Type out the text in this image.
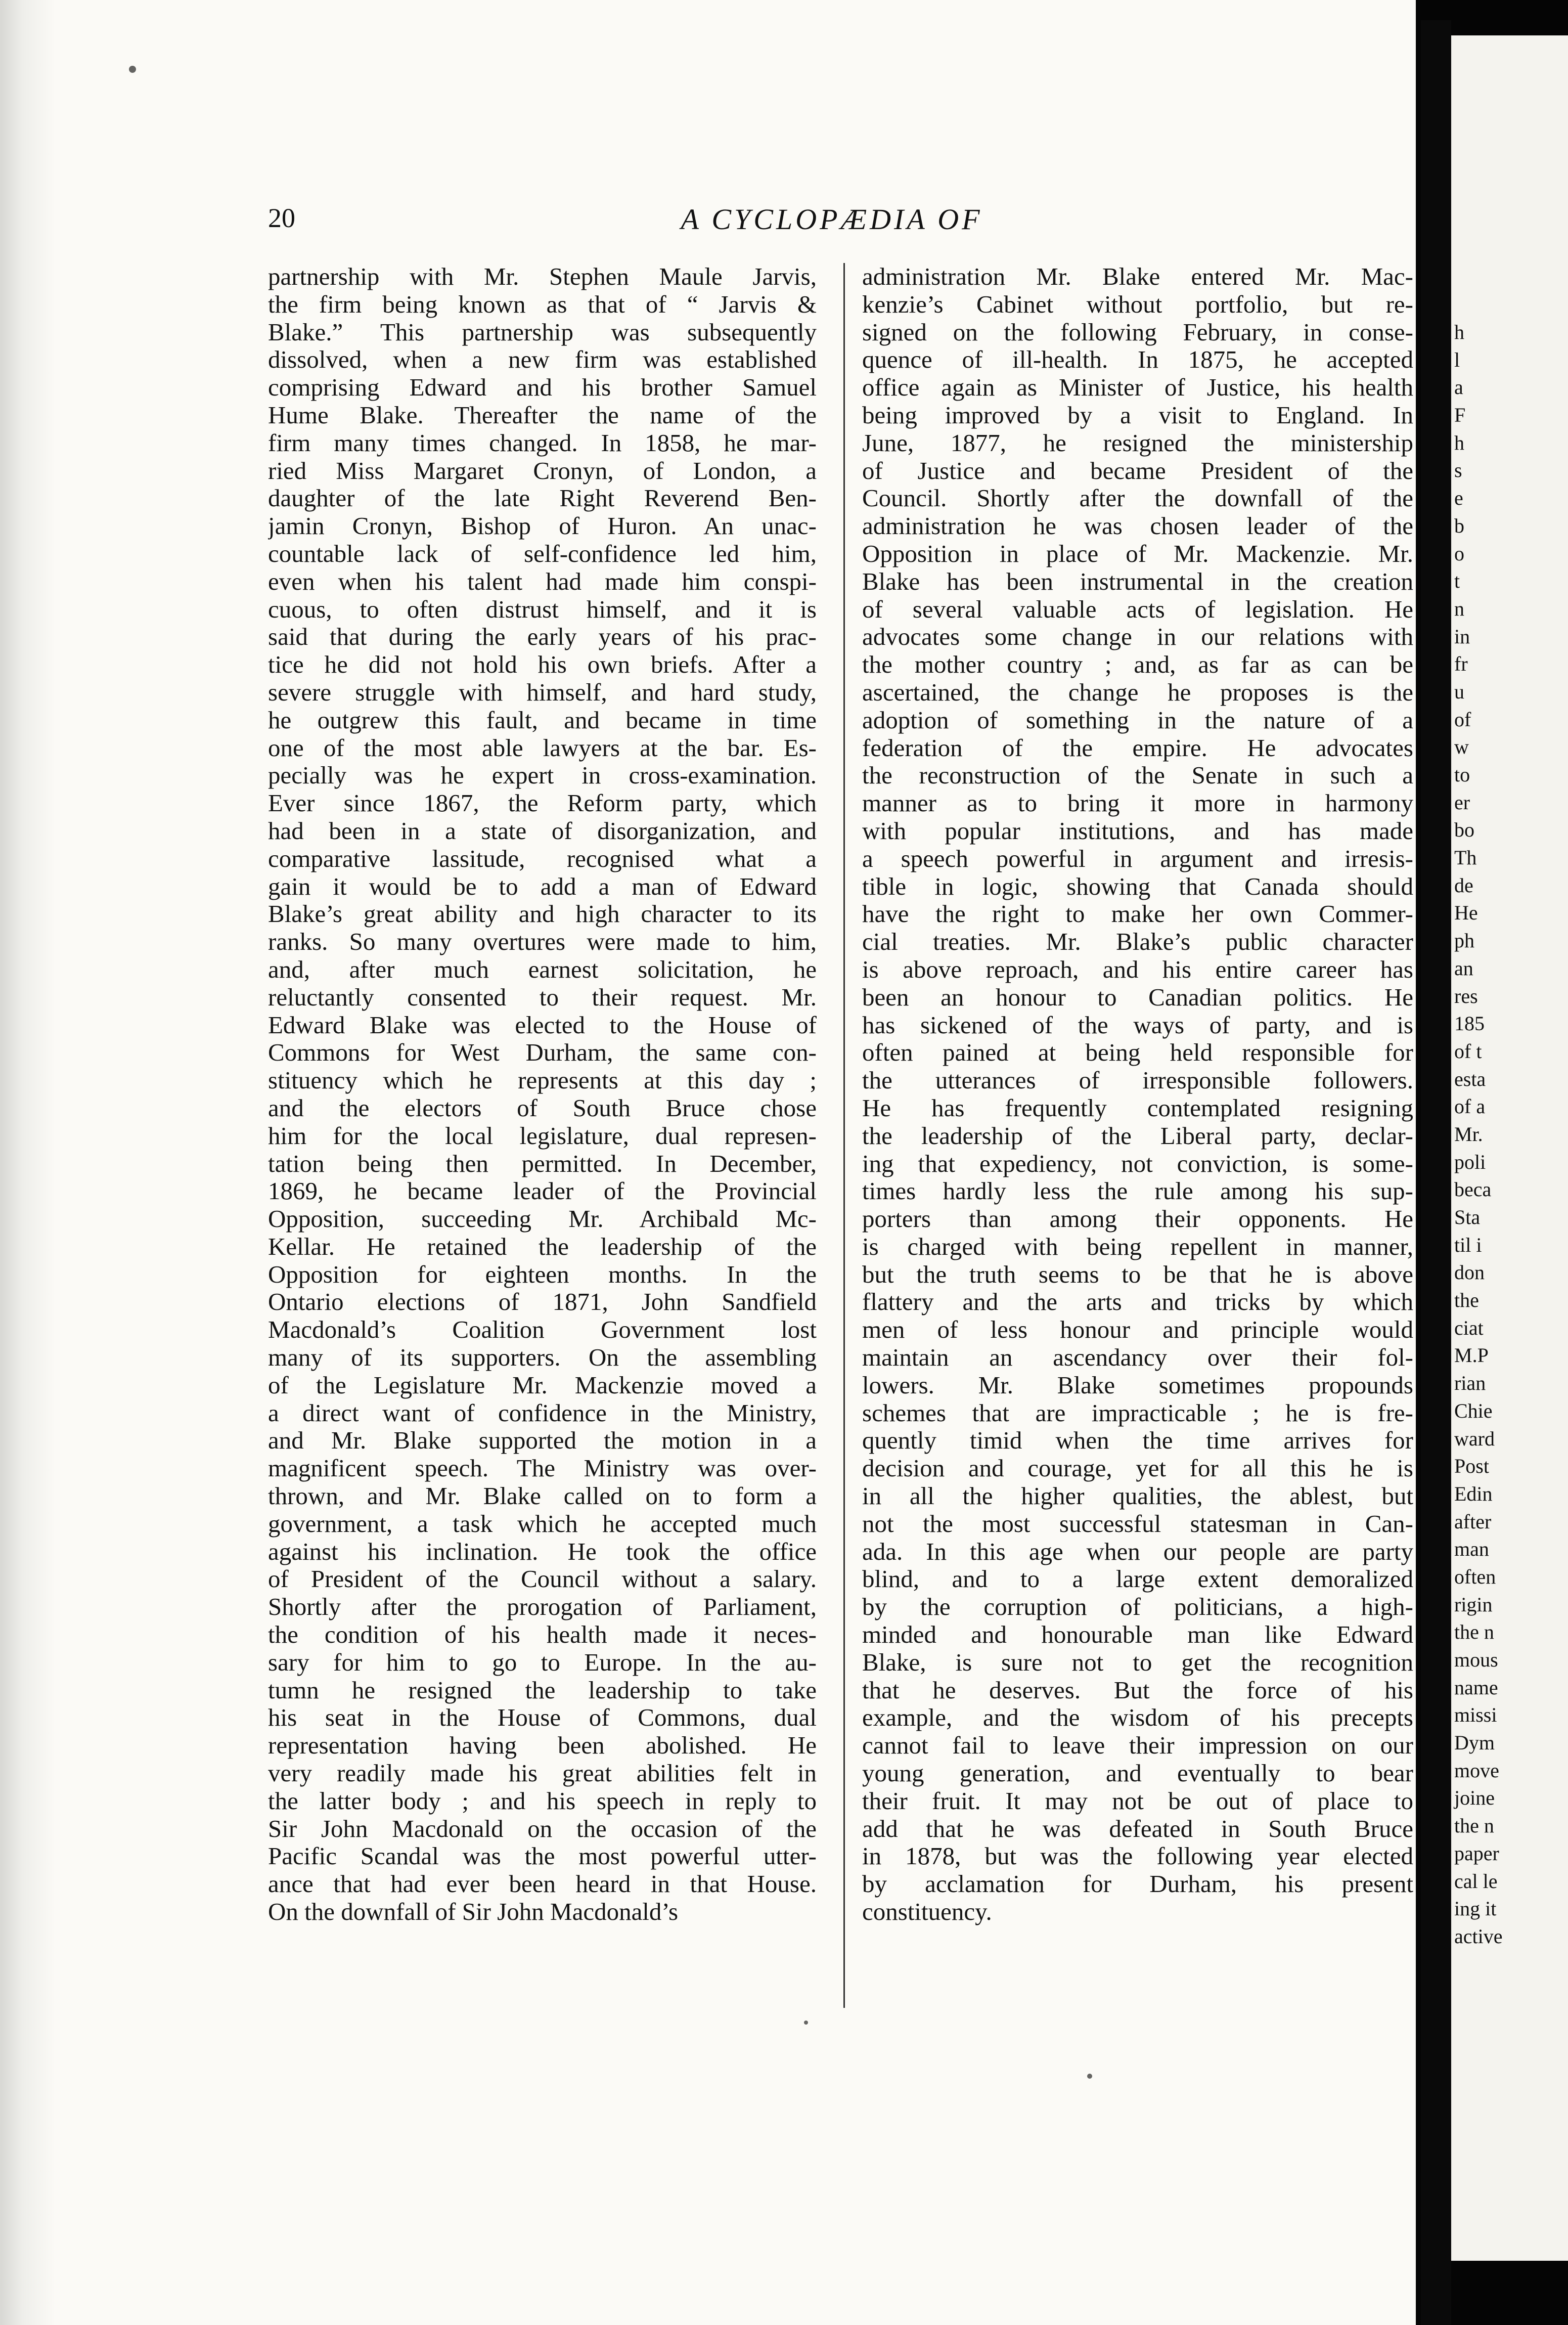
h
l
a
F
h
s
e
b
o
t
n
in
fr
u
of
w
to
er
bo
Th
de
He
ph
an
res
185
of t
esta
of a
Mr.
poli
beca
Sta
til i
don
the
ciat
M.P
rian
Chie
ward
Post
Edin
after
man
often
rigin
the n
mous
name
missi
Dym
move
joine
the n
paper
cal le
ing it
active
20	A CYCLOPÆDIA OF
partnership with Mr. Stephen Maule Jarvis,
the firm being known as that of “ Jarvis &
Blake.” This partnership was subsequently
dissolved, when a new firm was established
comprising Edward and his brother Samuel
Hume Blake. Thereafter the name of the
firm many times changed. In 1858, he mar-
ried Miss Margaret Cronyn, of London, a
daughter of the late Right Reverend Ben-
jamin Cronyn, Bishop of Huron. An unac-
countable lack of self-confidence led him,
even when his talent had made him conspi-
cuous, to often distrust himself, and it is
said that during the early years of his prac-
tice he did not hold his own briefs. After a
severe struggle with himself, and hard study,
he outgrew this fault, and became in time
one of the most able lawyers at the bar. Es-
pecially was he expert in cross-examination.
Ever since 1867, the Reform party, which
had been in a state of disorganization, and
comparative lassitude, recognised what a
gain it would be to add a man of Edward
Blake’s great ability and high character to its
ranks. So many overtures were made to him,
and, after much earnest solicitation, he
reluctantly consented to their request. Mr.
Edward Blake was elected to the House of
Commons for West Durham, the same con-
stituency which he represents at this day ;
and the electors of South Bruce chose
him for the local legislature, dual represen-
tation being then permitted. In December,
1869, he became leader of the Provincial
Opposition, succeeding Mr. Archibald Mc-
Kellar. He retained the leadership of the
Opposition for eighteen months. In the
Ontario elections of 1871, John Sandfield
Macdonald’s Coalition Government lost
many of its supporters. On the assembling
of the Legislature Mr. Mackenzie moved a
a direct want of confidence in the Ministry,
and Mr. Blake supported the motion in a
magnificent speech. The Ministry was over-
thrown, and Mr. Blake called on to form a
government, a task which he accepted much
against his inclination. He took the office
of President of the Council without a salary.
Shortly after the prorogation of Parliament,
the condition of his health made it neces-
sary for him to go to Europe. In the au-
tumn he resigned the leadership to take
his seat in the House of Commons, dual
representation having been abolished. He
very readily made his great abilities felt in
the latter body ; and his speech in reply to
Sir John Macdonald on the occasion of the
Pacific Scandal was the most powerful utter-
ance that had ever been heard in that House.
On the downfall of Sir John Macdonald’s
administration Mr. Blake entered Mr. Mac-
kenzie’s Cabinet without portfolio, but re-
signed on the following February, in conse-
quence of ill-health. In 1875, he accepted
office again as Minister of Justice, his health
being improved by a visit to England. In
June, 1877, he resigned the ministership
of Justice and became President of the
Council. Shortly after the downfall of the
administration he was chosen leader of the
Opposition in place of Mr. Mackenzie. Mr.
Blake has been instrumental in the creation
of several valuable acts of legislation. He
advocates some change in our relations with
the mother country ; and, as far as can be
ascertained, the change he proposes is the
adoption of something in the nature of a
federation of the empire. He advocates
the reconstruction of the Senate in such a
manner as to bring it more in harmony
with popular institutions, and has made
a speech powerful in argument and irresis-
tible in logic, showing that Canada should
have the right to make her own Commer-
cial treaties. Mr. Blake’s public character
is above reproach, and his entire career has
been an honour to Canadian politics. He
has sickened of the ways of party, and is
often pained at being held responsible for
the utterances of irresponsible followers.
He has frequently contemplated resigning
the leadership of the Liberal party, declar-
ing that expediency, not conviction, is some-
times hardly less the rule among his sup-
porters than among their opponents. He
is charged with being repellent in manner,
but the truth seems to be that he is above
flattery and the arts and tricks by which
men of less honour and principle would
maintain an ascendancy over their fol-
lowers. Mr. Blake sometimes propounds
schemes that are impracticable ; he is fre-
quently timid when the time arrives for
decision and courage, yet for all this he is
in all the higher qualities, the ablest, but
not the most successful statesman in Can-
ada. In this age when our people are party
blind, and to a large extent demoralized
by the corruption of politicians, a high-
minded and honourable man like Edward
Blake, is sure not to get the recognition
that he deserves. But the force of his
example, and the wisdom of his precepts
cannot fail to leave their impression on our
young generation, and eventually to bear
their fruit. It may not be out of place to
add that he was defeated in South Bruce
in 1878, but was the following year elected
by acclamation for Durham, his present
constituency.
